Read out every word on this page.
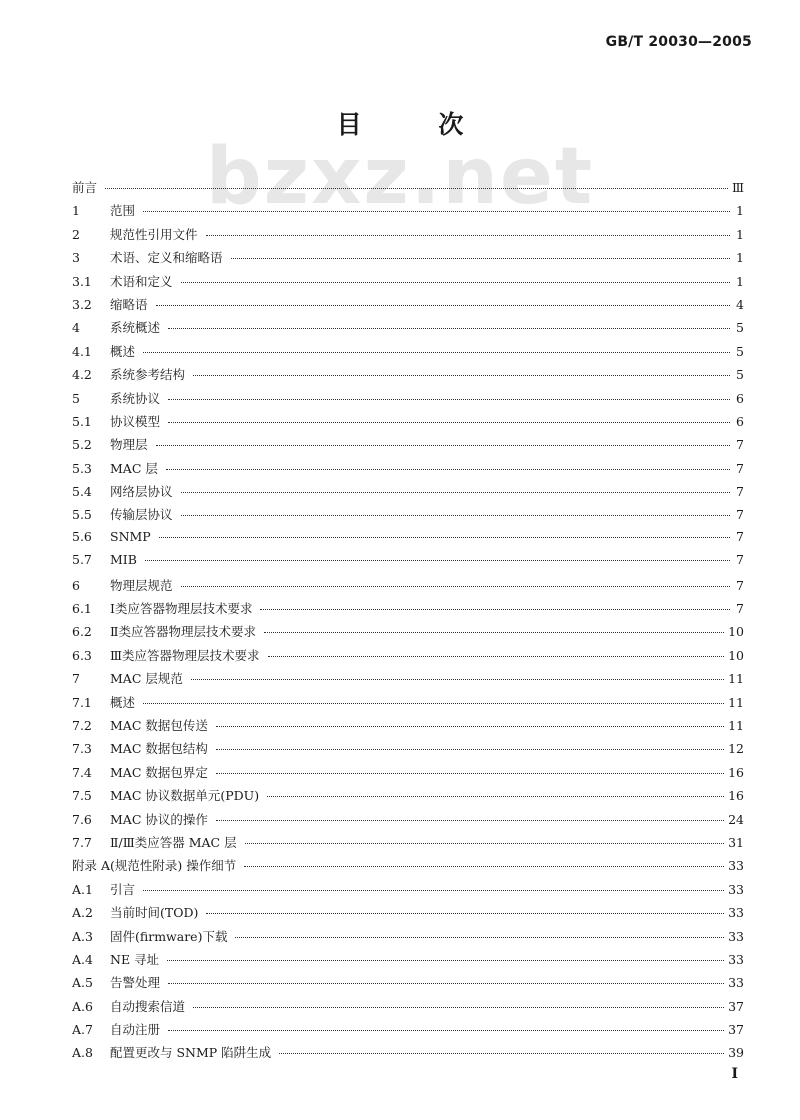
GB/T 20030—2005
bzxz.net
目 次
前言	Ⅲ
1	范围	1
2	规范性引用文件	1
3	术语、定义和缩略语	1
3.1	术语和定义	1
3.2	缩略语	4
4	系统概述	5
4.1	概述	5
4.2	系统参考结构	5
5	系统协议	6
5.1	协议模型	6
5.2	物理层	7
5.3	MAC 层	7
5.4	网络层协议	7
5.5	传输层协议	7
5.6	SNMP	7
5.7	MIB	7
6	物理层规范	7
6.1	Ⅰ类应答器物理层技术要求	7
6.2	Ⅱ类应答器物理层技术要求	10
6.3	Ⅲ类应答器物理层技术要求	10
7	MAC 层规范	11
7.1	概述	11
7.2	MAC 数据包传送	11
7.3	MAC 数据包结构	12
7.4	MAC 数据包界定	16
7.5	MAC 协议数据单元(PDU)	16
7.6	MAC 协议的操作	24
7.7	Ⅱ/Ⅲ类应答器 MAC 层	31
附录 A(规范性附录) 操作细节	33
A.1	引言	33
A.2	当前时间(TOD)	33
A.3	固件(firmware)下载	33
A.4	NE 寻址	33
A.5	告警处理	33
A.6	自动搜索信道	37
A.7	自动注册	37
A.8	配置更改与 SNMP 陷阱生成	39
I
